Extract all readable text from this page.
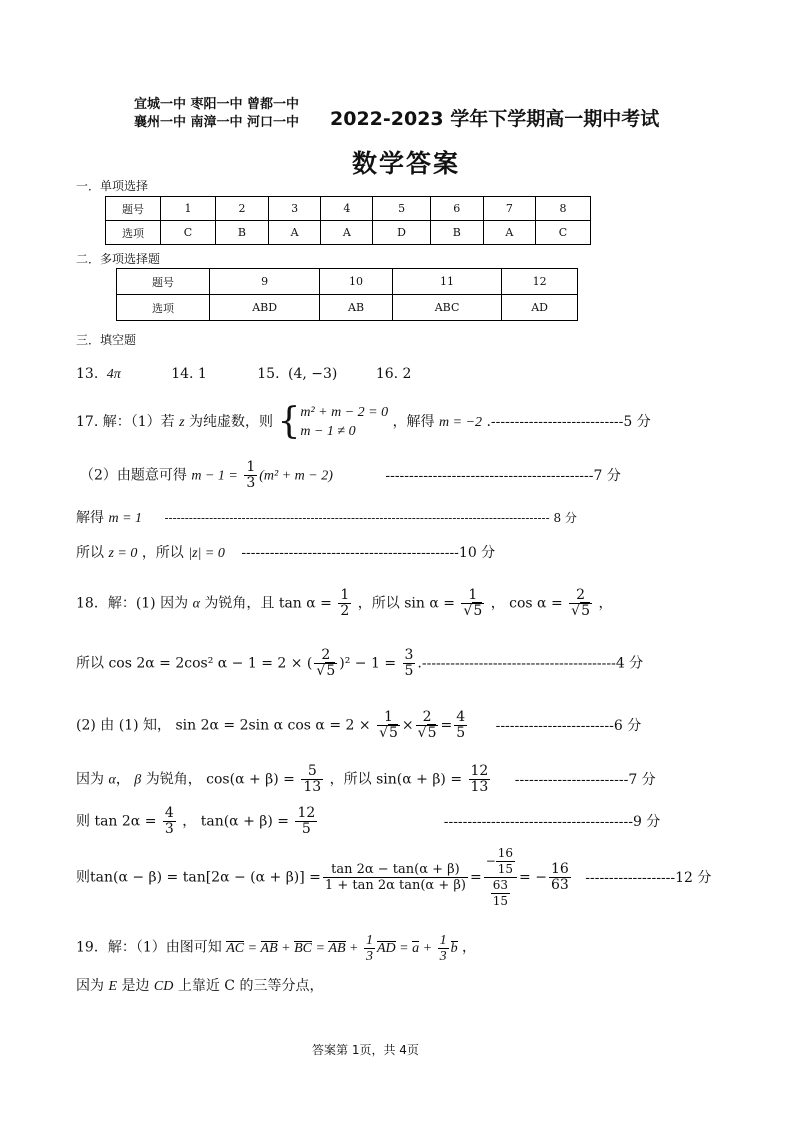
宜城一中 枣阳一中 曾都一中
襄州一中 南漳一中 河口一中 2022-2023 学年下学期高一期中考试
数学答案
一．单项选择
题号	1	2	3	4	5	6	7	8
选项	C	B	A	A	D	B	A	C
二．多项选择题
题号	9	10	11	12
选项	ABD	AB	ABC	AD
三．填空题
13. 4π	14. 1	15. (4, −3)	16. 2
17. 解：（1）若 z 为纯虚数，则 {m² + m − 2 = 0
m − 1 ≠ 0 ，解得 m = −2 .----------------------------5 分
（2）由题意可得 $m - 1 = \frac{1}{3} (m^2 + m - 2)$	--------------------------------------------7 分
解得 m = 1 ----------------------------------------------------------------------------------------------- 8 分
所以 z = 0 ，所以 |z| = 0 ----------------------------------------------10 分
18．解：(1) 因为 α 为锐角，且 $\tan \alpha = \frac{1}{2}$ ，所以 $\sin \alpha = \frac{1}{√5}$ ， $\cos \alpha = \frac{2}{√5}$ ，
所以 cos 2α = 2cos² α − 1 = 2 × ( $\frac{2}{√5} )^2 - 1 = \frac{3}{5} .-----------------------------------------4$ 分
(2) 由 (1) 知， sin 2α = 2sin α $\cos \alpha = 2 \times \frac{1}{√5} \times \frac{2}{√5} = \frac{4}{5} -------------------------6$ 分
因为 α， β 为锐角， $\cos(\alpha + \beta) = \frac{5}{13}$ ，所以 $\sin(\alpha + \beta) = \frac{12}{13} ------------------------7$ 分
则 $\tan 2\alpha = \frac{4}{3}$ ， $\tan(\alpha + \beta) = \frac{12}{5}$	----------------------------------------9 分
则$\tan(\alpha - \beta) = \tan[2\alpha - (\alpha + \beta)] = \frac{\tan 2\alpha - \tan(\alpha + \beta)}{\text{1 + tan 2α tan(α + β)}} = \frac{- \frac{16}{15}}{\frac{63}{15}}$ = − $\frac{16}{63} -------------------12$ 分
19．解：（1）由图可知 AC = AB + BC = AB + $\frac{1}{3}$ AD = $a + \frac{1}{3}$ b ，
因为 E 是边 CD 上靠近 C 的三等分点，
答案第 1页，共 4页
